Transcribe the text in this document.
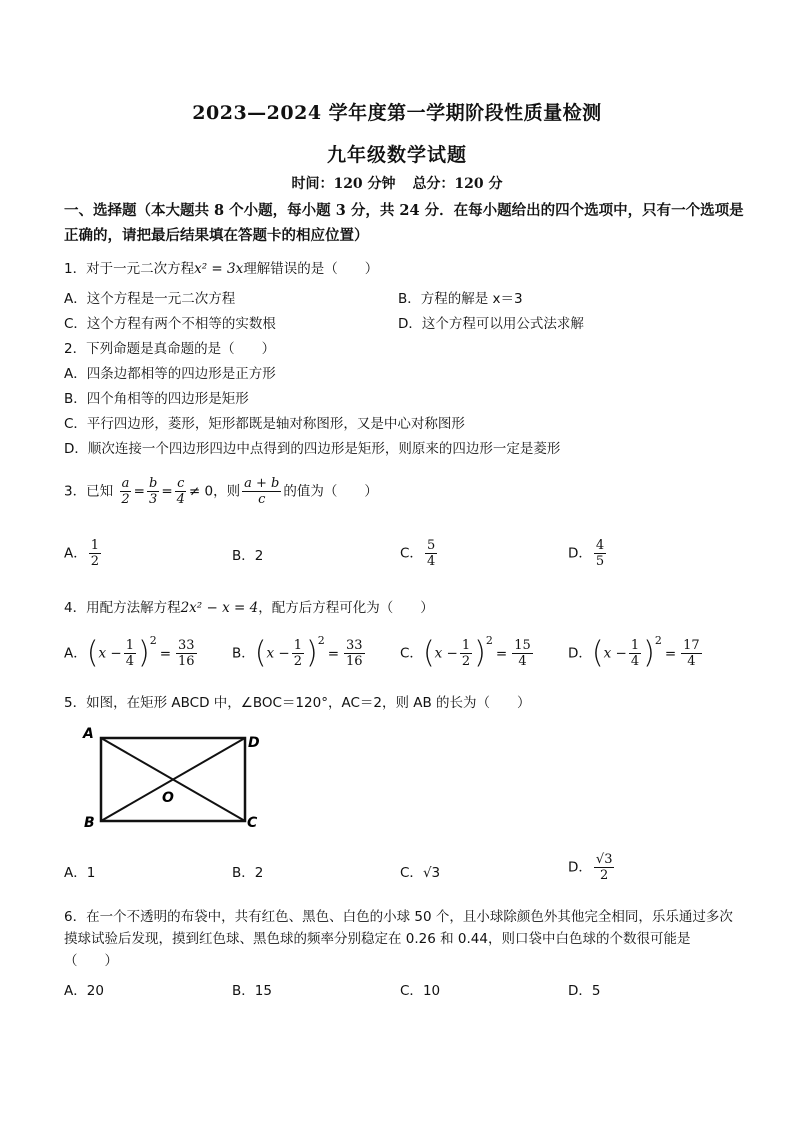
2023—2024 学年度第一学期阶段性质量检测
九年级数学试题
时间：120 分钟 总分：120 分
一、选择题（本大题共 8 个小题，每小题 3 分，共 24 分．在每小题给出的四个选项中，只有一个选项是正确的，请把最后结果填在答题卡的相应位置）
1．对于一元二次方程x² = 3x理解错误的是（　　）
A．这个方程是一元二次方程	B．方程的解是 x＝3
C．这个方程有两个不相等的实数根	D．这个方程可以用公式法求解
2．下列命题是真命题的是（　　）
A．四条边都相等的四边形是正方形
B．四个角相等的四边形是矩形
C．平行四边形，菱形，矩形都既是轴对称图形，又是中心对称图形
D．顺次连接一个四边形四边中点得到的四边形是矩形，则原来的四边形一定是菱形
3．已知 $\frac{a}{2} = \frac{b}{3} = \frac{c}{4} \ne 0$，则 $\frac{a + b}{c}$ 的值为（　　）
A． $\frac{1}{2}$	B．2	C． $\frac{5}{4}$	D． $\frac{4}{5}$
4．用配方法解方程2x² − x = 4，配方后方程可化为（　　）
A．$(x - \frac{1}{4} )^2= \frac{33}{16}$	B．$(x - \frac{1}{2} )^2= \frac{33}{16}$	C．$(x - \frac{1}{2} )^2= \frac{15}{4}$	D．$(x - \frac{1}{4} )^2= \frac{17}{4}$
5．如图，在矩形 ABCD 中，∠BOC＝120°，AC＝2，则 AB 的长为（　　）
A
D
B	C
O
A．1	B．2	C．√3	D． $\frac{√3}{2}$
6．在一个不透明的布袋中，共有红色、黑色、白色的小球 50 个，且小球除颜色外其他完全相同，乐乐通过多次摸球试验后发现，摸到红色球、黑色球的频率分别稳定在 0.26 和 0.44，则口袋中白色球的个数很可能是（　　）
A．20	B．15	C．10	D．5
